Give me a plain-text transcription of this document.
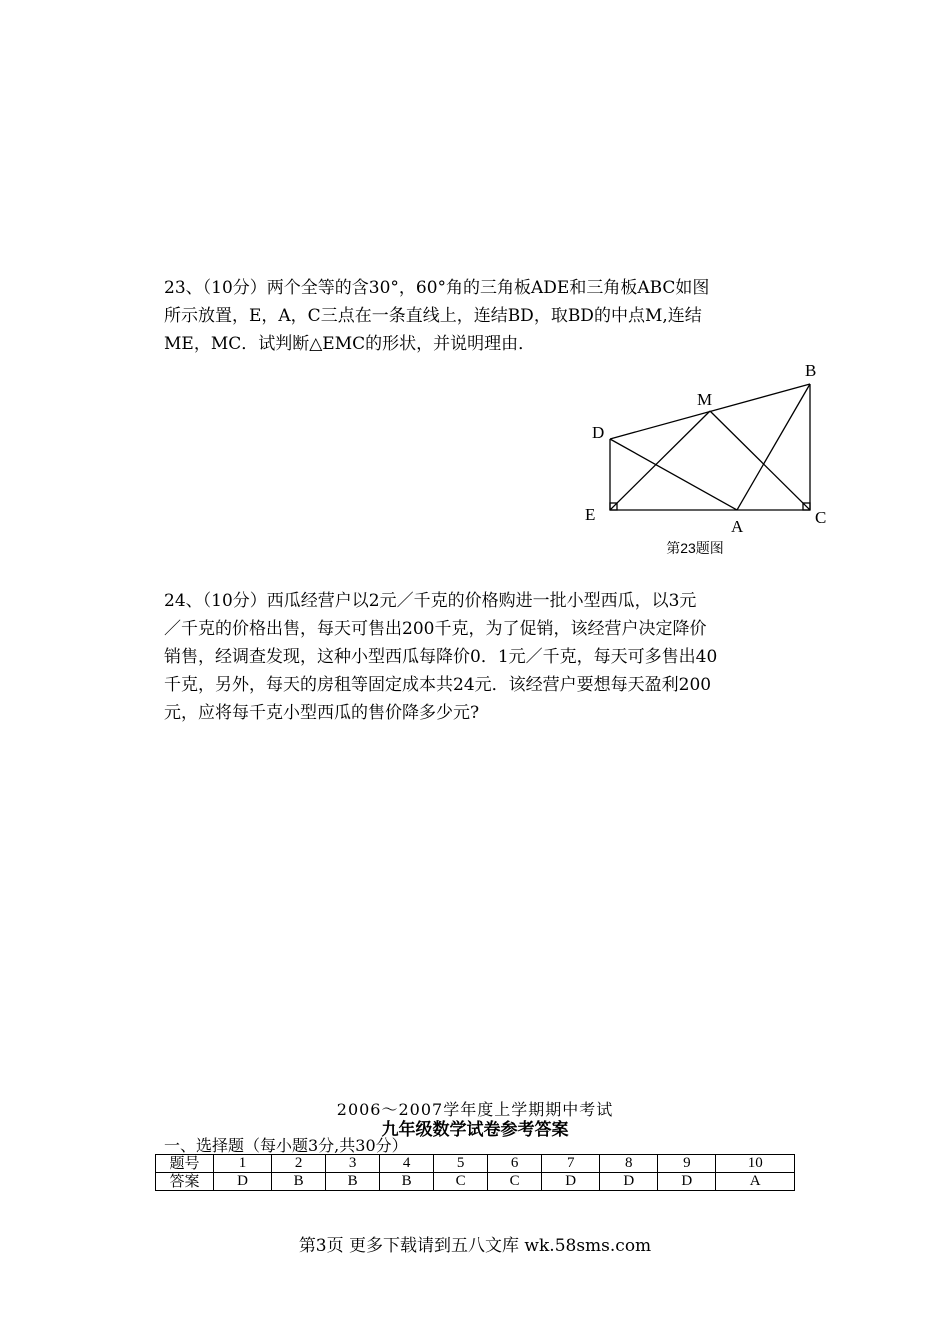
23、（10分）两个全等的含30°，60°角的三角板ADE和三角板ABC如图

所示放置，E，A，C三点在一条直线上，连结BD，取BD的中点M,连结

ME，MC．试判断△EMC的形状，并说明理由．

B
M
D
E
A	C
第23题图

24、（10分）西瓜经营户以2元／千克的价格购进一批小型西瓜，以3元

／千克的价格出售，每天可售出200千克，为了促销，该经营户决定降价

销售，经调查发现，这种小型西瓜每降价0．1元／千克，每天可多售出40

千克，另外，每天的房租等固定成本共24元．该经营户要想每天盈利200

元，应将每千克小型西瓜的售价降多少元?

2006～2007学年度上学期期中考试
九年级数学试卷参考答案
一、选择题（每小题3分,共30分）
题号	1	2	3	4	5	6	7	8	9	10
答案	D	B	B	B	C	C	D	D	D	A
第3页 更多下载请到五八文库 wk.58sms.com
